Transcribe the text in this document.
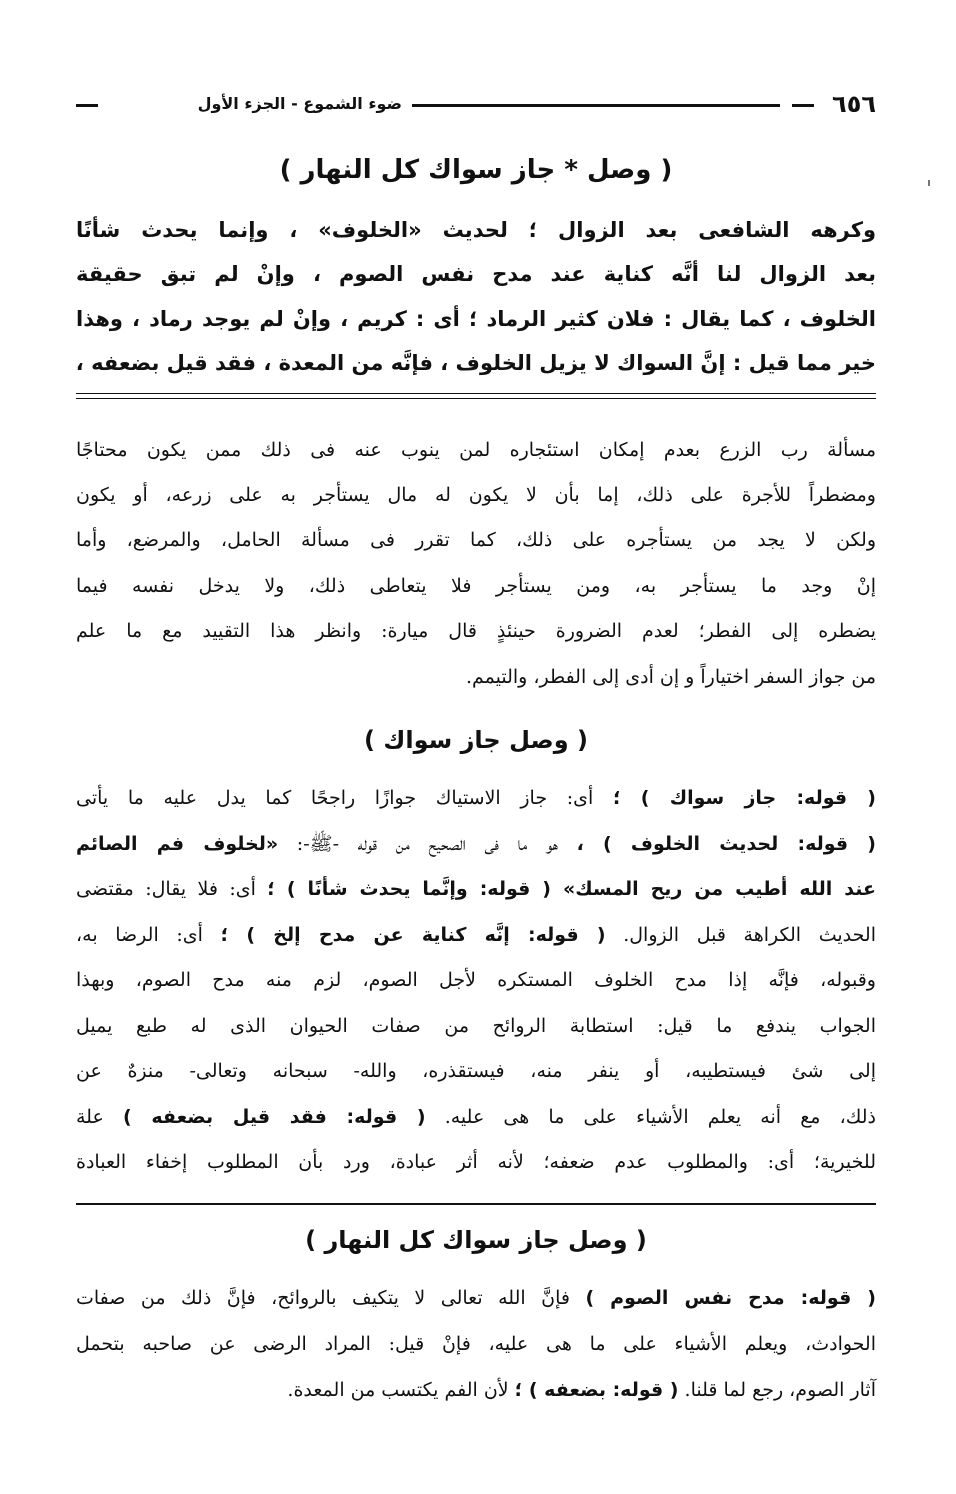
٦٥٦
ضوء الشموع - الجزء الأول
( وصل * جاز سواك كل النهار )
وكرهه الشافعى بعد الزوال ؛ لحديث «الخلوف» ، وإنما يحدث شأنًا
بعد الزوال لنا أنَّه كناية عند مدح نفس الصوم ، وإنْ لم تبق حقيقة
الخلوف ، كما يقال : فلان كثير الرماد ؛ أى : كريم ، وإنْ لم يوجد رماد ، وهذا
خير مما قيل : إنَّ السواك لا يزيل الخلوف ، فإنَّه من المعدة ، فقد قيل بضعفه ،
مسألة رب الزرع بعدم إمكان استئجاره لمن ينوب عنه فى ذلك ممن يكون محتاجًا
ومضطراً للأجرة على ذلك، إما بأن لا يكون له مال يستأجر به على زرعه، أو يكون
ولكن لا يجد من يستأجره على ذلك، كما تقرر فى مسألة الحامل، والمرضع، وأما
إنْ وجد ما يستأجر به، ومن يستأجر فلا يتعاطى ذلك، ولا يدخل نفسه فيما
يضطره إلى الفطر؛ لعدم الضرورة حينئذٍ قال ميارة: وانظر هذا التقييد مع ما علم
من جواز السفر اختياراً و إن أدى إلى الفطر، والتيمم.
( وصل جاز سواك )
( قوله: جاز سواك ) ؛ أى: جاز الاستياك جوازًا راجحًا كما يدل عليه ما يأتى
( قوله: لحديث الخلوف ) ، هو ما فى الصحيح من قوله -ﷺ-: «لخلوف فم الصائم
عند الله أطيب من ريح المسك» ( قوله: وإنَّما يحدث شأنًا ) ؛ أى: فلا يقال: مقتضى
الحديث الكراهة قبل الزوال. ( قوله: إنَّه كناية عن مدح إلخ ) ؛ أى: الرضا به،
وقبوله، فإنَّه إذا مدح الخلوف المستكره لأجل الصوم، لزم منه مدح الصوم، وبهذا
الجواب يندفع ما قيل: استطابة الروائح من صفات الحيوان الذى له طبع يميل
إلى شئ فيستطيبه، أو ينفر منه، فيستقذره، والله- سبحانه وتعالى- منزهٌ عن
ذلك، مع أنه يعلم الأشياء على ما هى عليه. ( قوله: فقد قيل بضعفه ) علة
للخيرية؛ أى: والمطلوب عدم ضعفه؛ لأنه أثر عبادة، ورد بأن المطلوب إخفاء العبادة
( وصل جاز سواك كل النهار )
( قوله: مدح نفس الصوم ) فإنَّ الله تعالى لا يتكيف بالروائح، فإنَّ ذلك من صفات
الحوادث، ويعلم الأشياء على ما هى عليه، فإنْ قيل: المراد الرضى عن صاحبه بتحمل
آثار الصوم، رجع لما قلنا. ( قوله: بضعفه ) ؛ لأن الفم يكتسب من المعدة.
